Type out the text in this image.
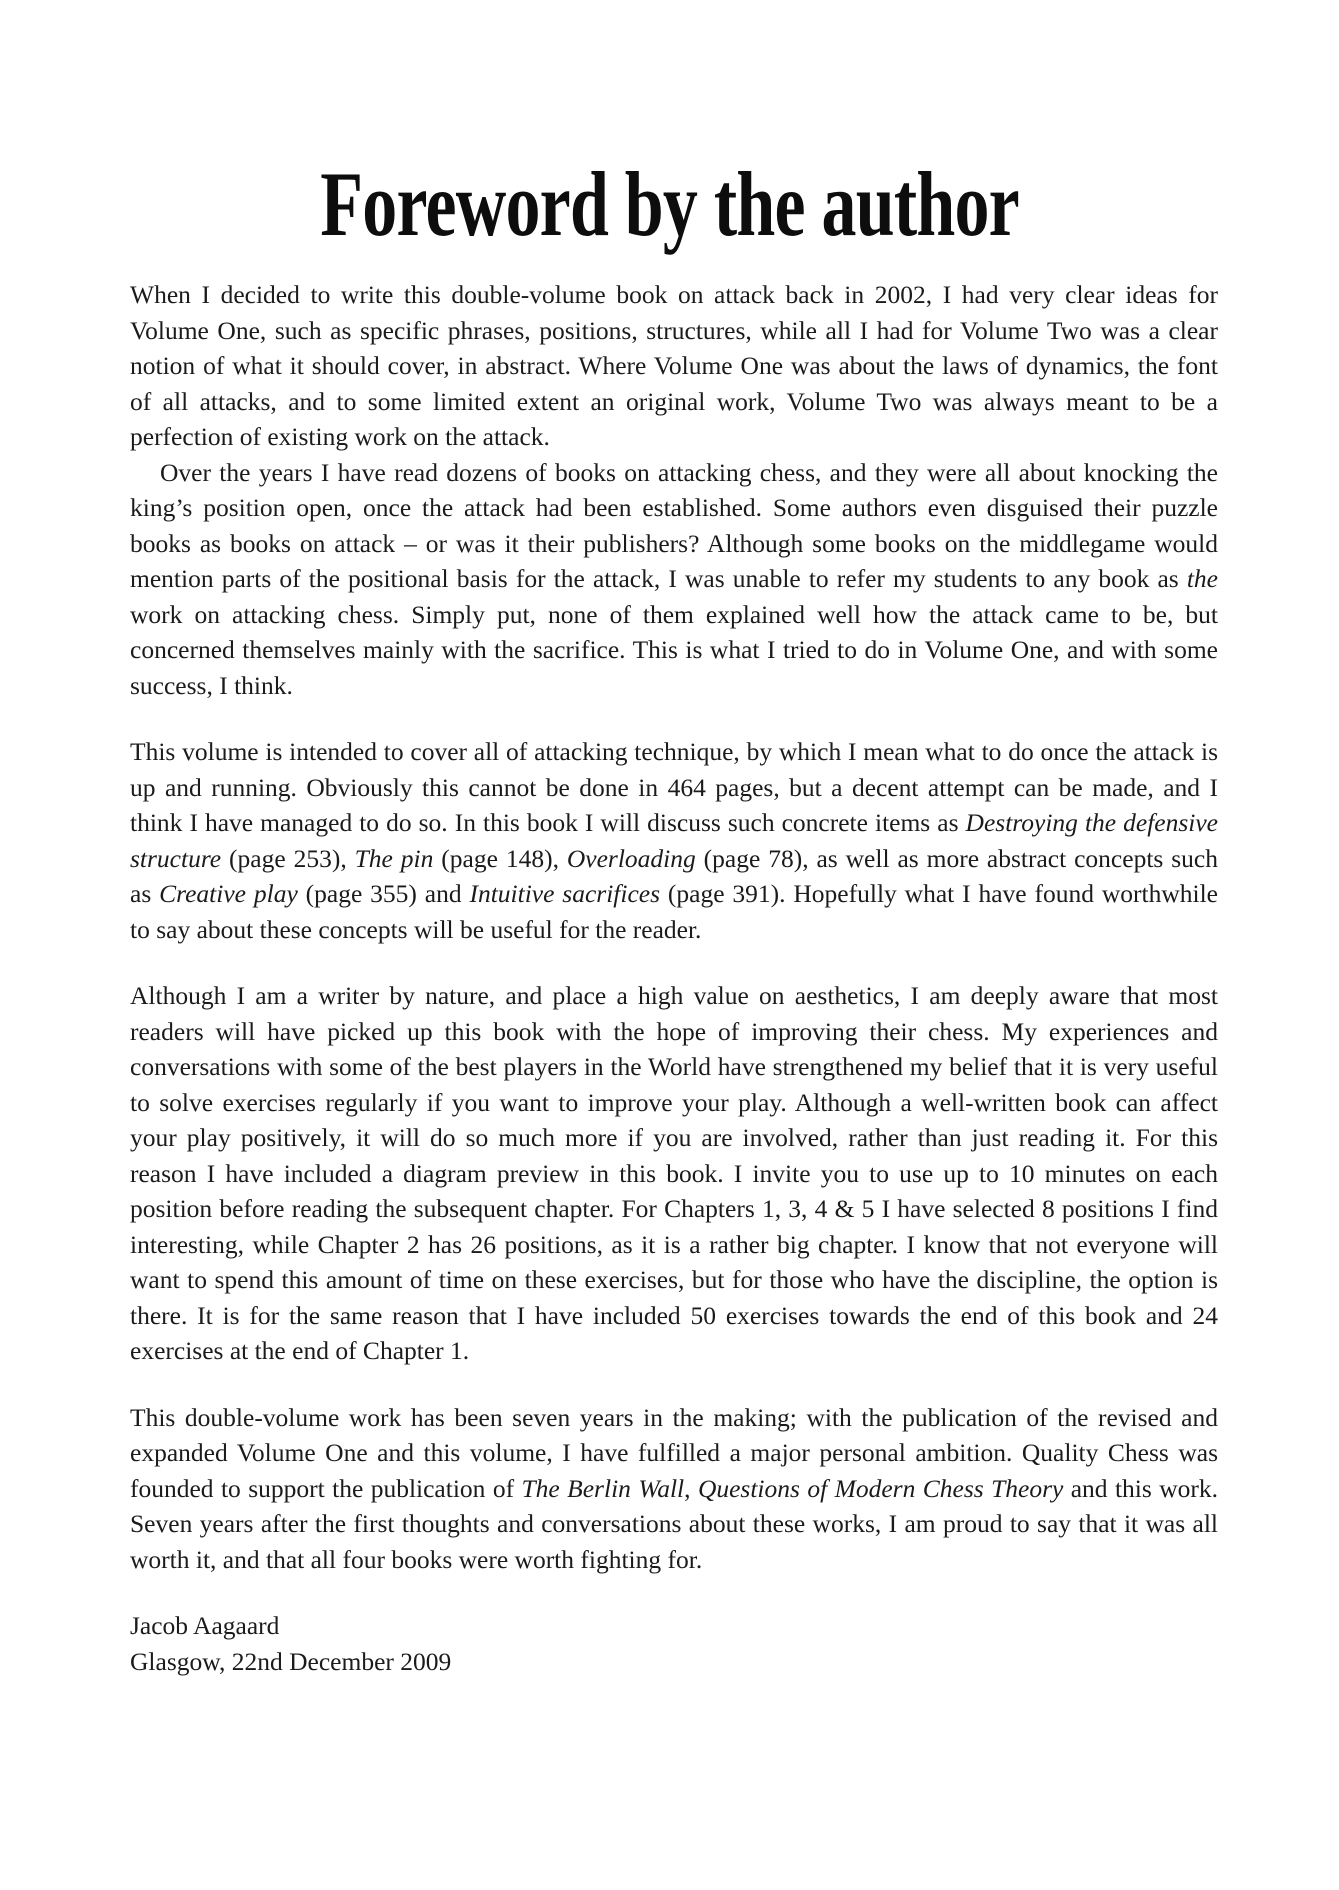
Foreword by the author

When I decided to write this double-volume book on attack back in 2002, I had very clear ideas for Volume One, such as specific phrases, positions, structures, while all I had for Volume Two was a clear notion of what it should cover, in abstract. Where Volume One was about the laws of dynamics, the font of all attacks, and to some limited extent an original work, Volume Two was always meant to be a perfection of existing work on the attack.

Over the years I have read dozens of books on attacking chess, and they were all about knocking the king’s position open, once the attack had been established. Some authors even disguised their puzzle books as books on attack – or was it their publishers? Although some books on the middlegame would mention parts of the positional basis for the attack, I was unable to refer my students to any book as the work on attacking chess. Simply put, none of them explained well how the attack came to be, but concerned themselves mainly with the sacrifice. This is what I tried to do in Volume One, and with some success, I think.

This volume is intended to cover all of attacking technique, by which I mean what to do once the attack is up and running. Obviously this cannot be done in 464 pages, but a decent attempt can be made, and I think I have managed to do so. In this book I will discuss such concrete items as Destroying the defensive structure (page 253), The pin (page 148), Overloading (page 78), as well as more abstract concepts such as Creative play (page 355) and Intuitive sacrifices (page 391). Hopefully what I have found worthwhile to say about these concepts will be useful for the reader.

Although I am a writer by nature, and place a high value on aesthetics, I am deeply aware that most readers will have picked up this book with the hope of improving their chess. My experiences and conversations with some of the best players in the World have strengthened my belief that it is very useful to solve exercises regularly if you want to improve your play. Although a well-written book can affect your play positively, it will do so much more if you are involved, rather than just reading it. For this reason I have included a diagram preview in this book. I invite you to use up to 10 minutes on each position before reading the subsequent chapter. For Chapters 1, 3, 4 & 5 I have selected 8 positions I find interesting, while Chapter 2 has 26 positions, as it is a rather big chapter. I know that not everyone will want to spend this amount of time on these exercises, but for those who have the discipline, the option is there. It is for the same reason that I have included 50 exercises towards the end of this book and 24 exercises at the end of Chapter 1.

This double-volume work has been seven years in the making; with the publication of the revised and expanded Volume One and this volume, I have fulfilled a major personal ambition. Quality Chess was founded to support the publication of The Berlin Wall, Questions of Modern Chess Theory and this work. Seven years after the first thoughts and conversations about these works, I am proud to say that it was all worth it, and that all four books were worth fighting for.

Jacob Aagaard

Glasgow, 22nd December 2009
